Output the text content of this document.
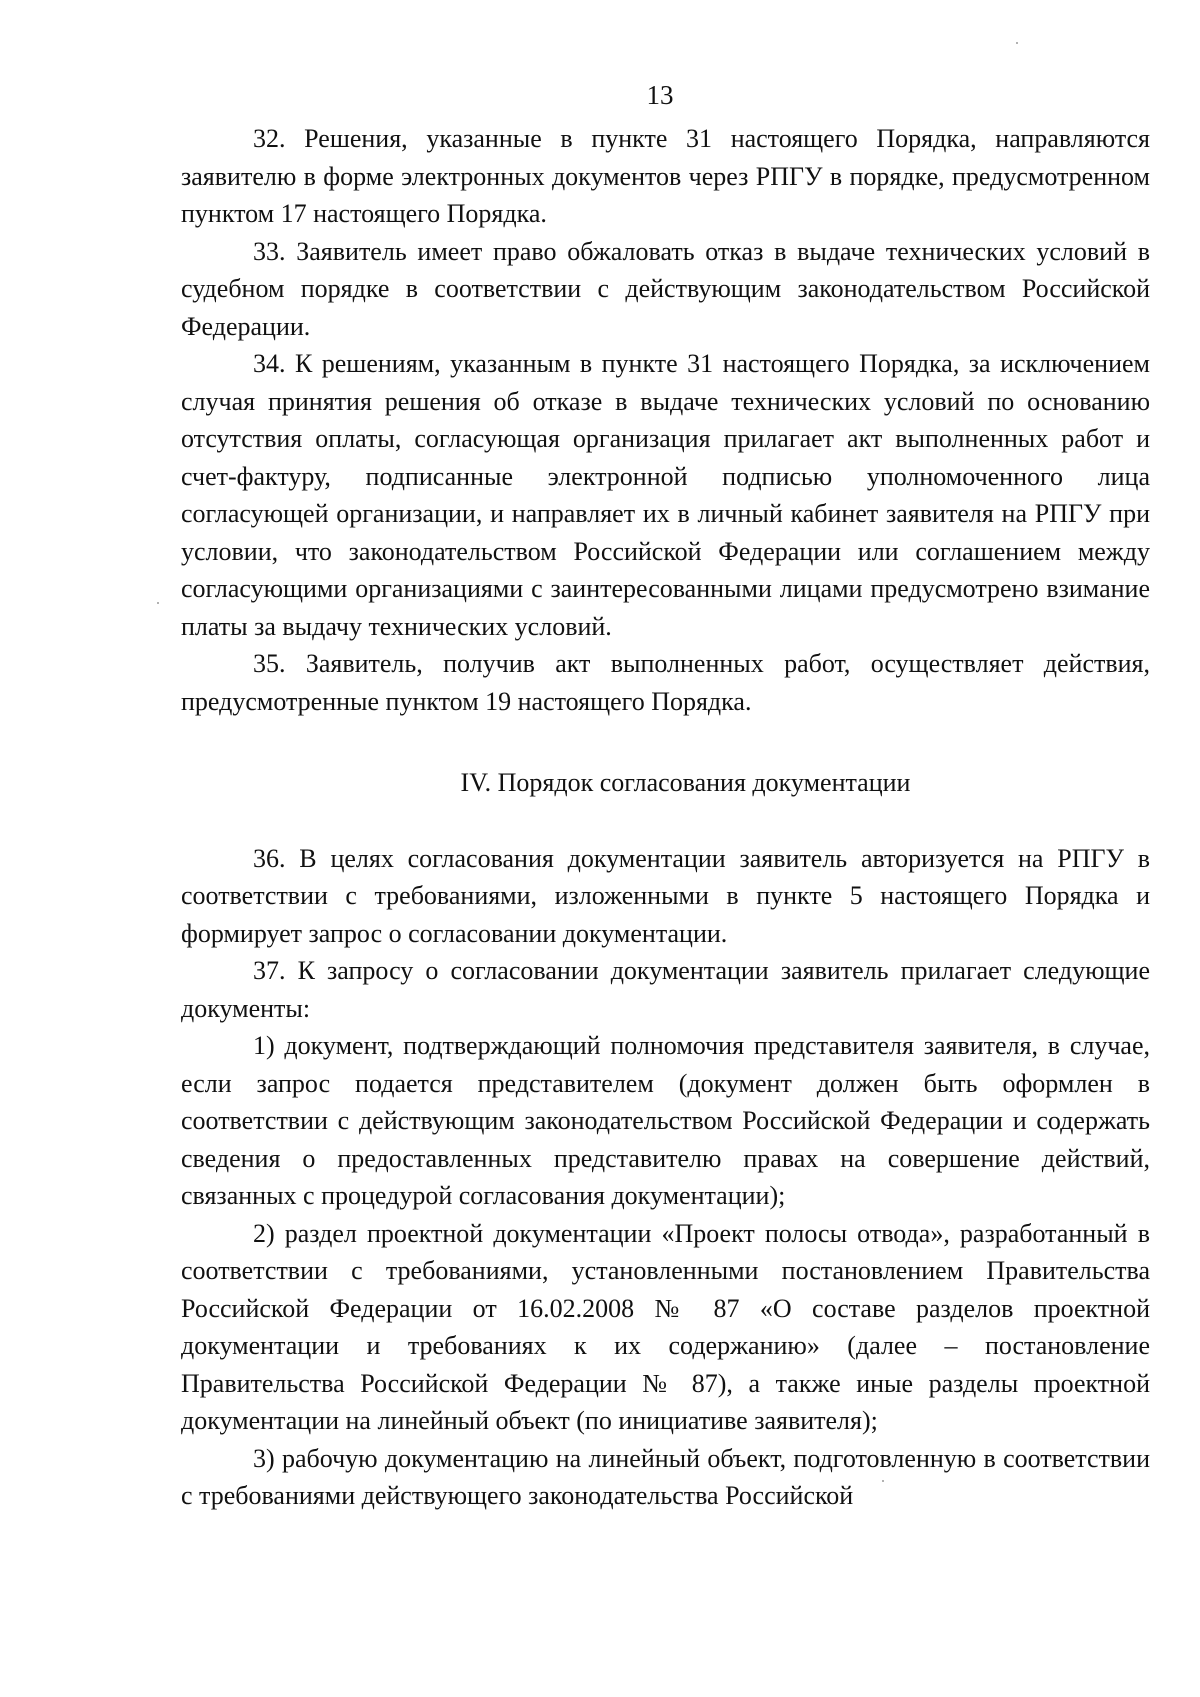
13

32. Решения, указанные в пункте 31 настоящего Порядка, направляются заявителю в форме электронных документов через РПГУ в порядке, предусмотренном пунктом 17 настоящего Порядка.

33. Заявитель имеет право обжаловать отказ в выдаче технических условий в судебном порядке в соответствии с действующим законодательством Российской Федерации.

34. К решениям, указанным в пункте 31 настоящего Порядка, за исключением случая принятия решения об отказе в выдаче технических условий по основанию отсутствия оплаты, согласующая организация прилагает акт выполненных работ и счет-фактуру, подписанные электронной подписью уполномоченного лица согласующей организации, и направляет их в личный кабинет заявителя на РПГУ при условии, что законодательством Российской Федерации или соглашением между согласующими организациями с заинтересованными лицами предусмотрено взимание платы за выдачу технических условий.

35. Заявитель, получив акт выполненных работ, осуществляет действия, предусмотренные пунктом 19 настоящего Порядка.

IV. Порядок согласования документации

36. В целях согласования документации заявитель авторизуется на РПГУ в соответствии с требованиями, изложенными в пункте 5 настоящего Порядка и формирует запрос о согласовании документации.

37. К запросу о согласовании документации заявитель прилагает следующие документы:

1) документ, подтверждающий полномочия представителя заявителя, в случае, если запрос подается представителем (документ должен быть оформлен в соответствии с действующим законодательством Российской Федерации и содержать сведения о предоставленных представителю правах на совершение действий, связанных с процедурой согласования документации);

2) раздел проектной документации «Проект полосы отвода», разработанный в соответствии с требованиями, установленными постановлением Правительства Российской Федерации от 16.02.2008 № 87 «О составе разделов проектной документации и требованиях к их содержанию» (далее – постановление Правительства Российской Федерации № 87), а также иные разделы проектной документации на линейный объект (по инициативе заявителя);

3) рабочую документацию на линейный объект, подготовленную в соответствии с требованиями действующего законодательства Российской
